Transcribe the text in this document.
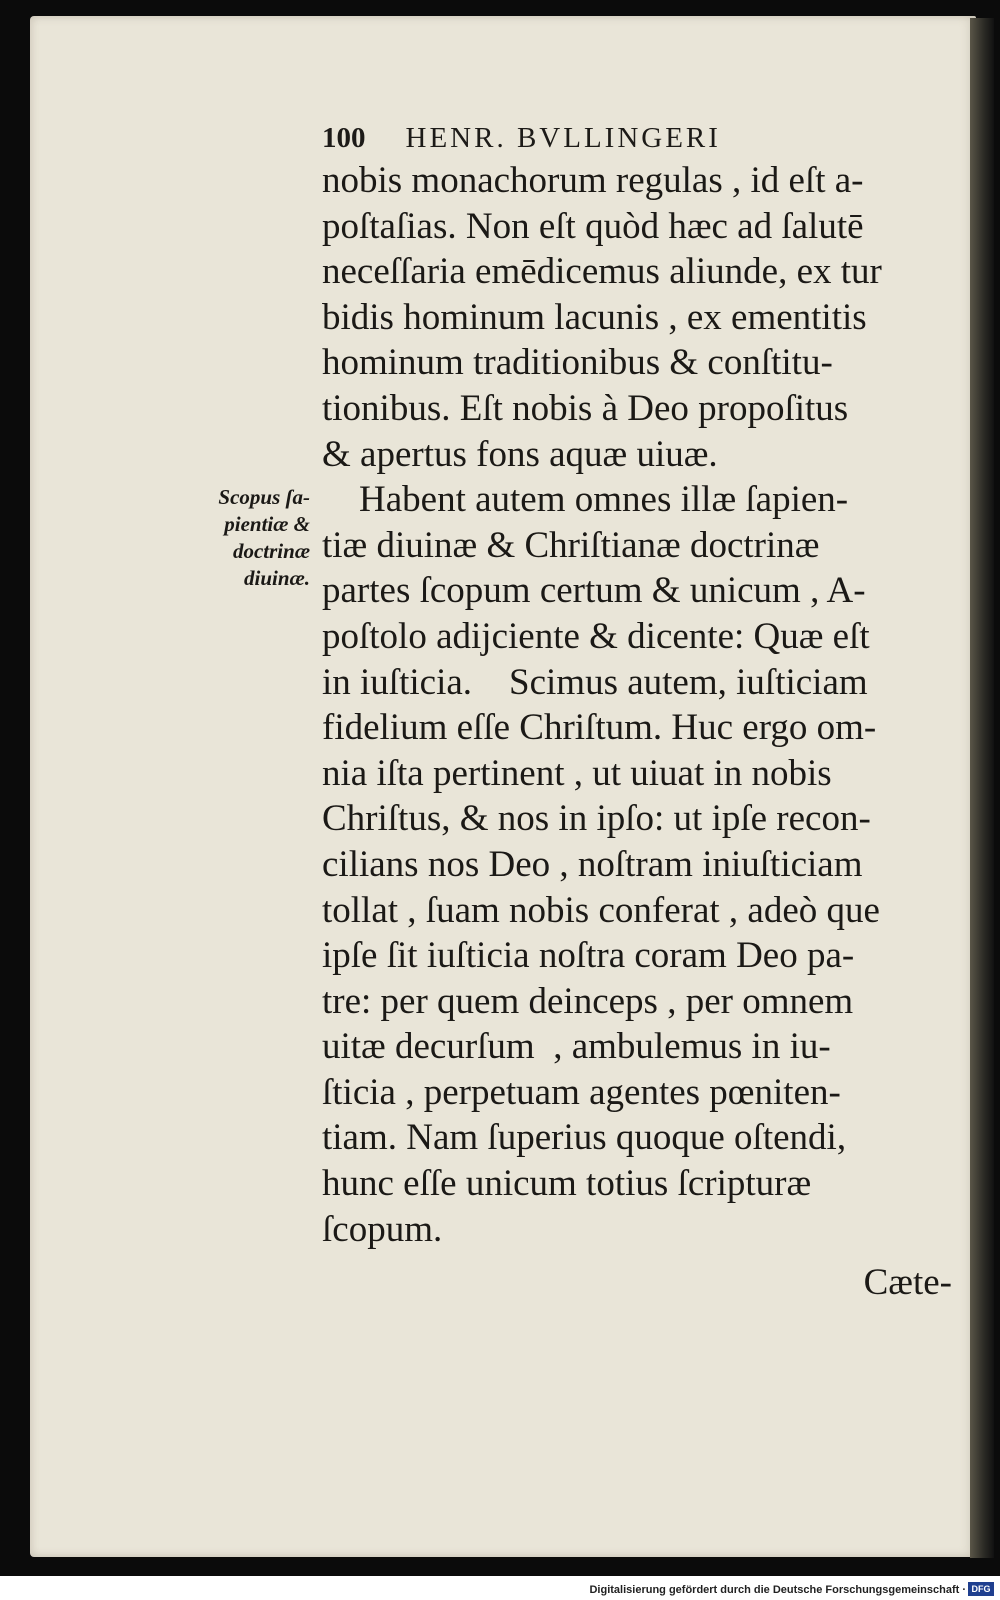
100 HENR. BVLLINGERI
Scopus ſa-
pientiæ &
doctrinæ
diuinæ.
nobis monachorum regulas , id eſt a-
poſtaſias. Non eſt quòd hæc ad ſalutē
neceſſaria emēdicemus aliunde, ex tur
bidis hominum lacunis , ex ementitis
hominum traditionibus & conſtitu-
tionibus. Eſt nobis à Deo propoſitus
& apertus fons aquæ uiuæ.
Habent autem omnes illæ ſapien-
tiæ diuinæ & Chriſtianæ doctrinæ
partes ſcopum certum & unicum , A-
poſtolo adijciente & dicente: Quæ eſt
in iuſticia.    Scimus autem, iuſticiam
fidelium eſſe Chriſtum. Huc ergo om-
nia iſta pertinent , ut uiuat in nobis
Chriſtus, & nos in ipſo: ut ipſe recon-
cilians nos Deo , noſtram iniuſticiam
tollat , ſuam nobis conferat , adeò que
ipſe ſit iuſticia noſtra coram Deo pa-
tre: per quem deinceps , per omnem
uitæ decurſum  , ambulemus in iu-
ſticia , perpetuam agentes pœniten-
tiam. Nam ſuperius quoque oſtendi,
hunc eſſe unicum totius ſcripturæ
ſcopum.
Cæte-
Digitalisierung gefördert durch die Deutsche Forschungsgemeinschaft · DFG
